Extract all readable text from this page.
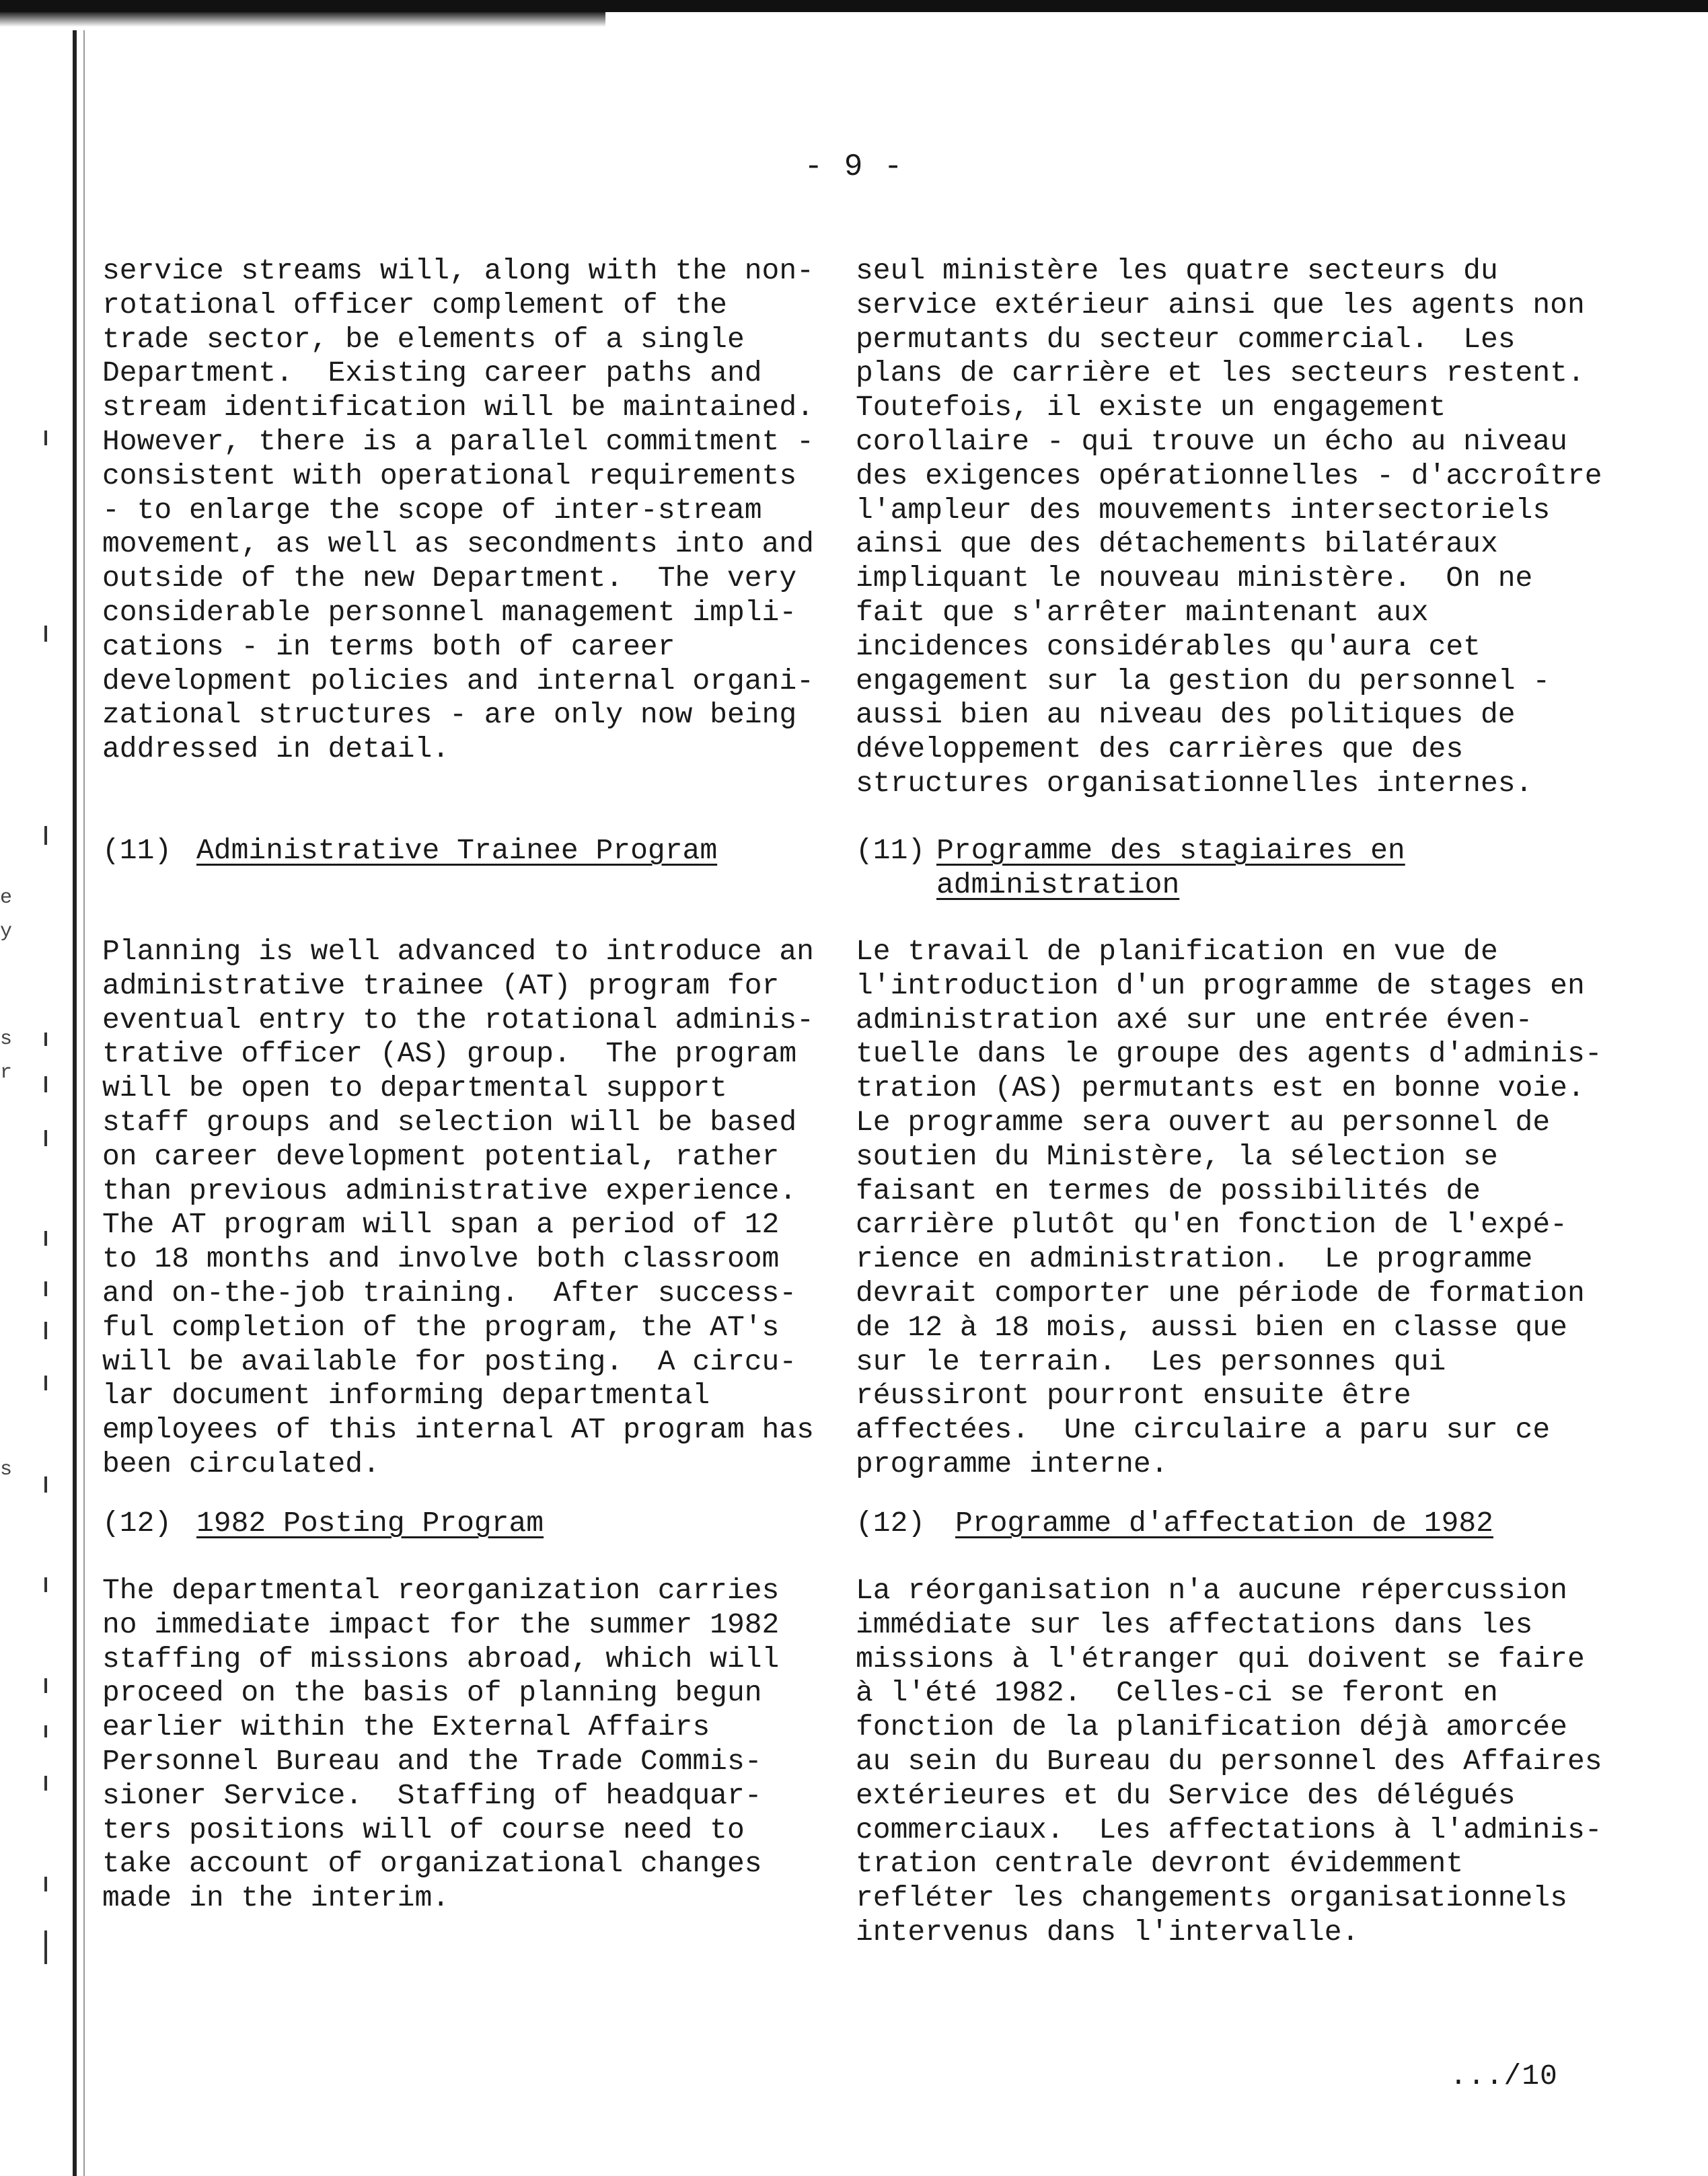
e
y
s
r
s
- 9 -

service streams will, along with the non-
rotational officer complement of the
trade sector, be elements of a single
Department.  Existing career paths and
stream identification will be maintained.
However, there is a parallel commitment -
consistent with operational requirements
- to enlarge the scope of inter-stream
movement, as well as secondments into and
outside of the new Department.  The very
considerable personnel management impli-
cations - in terms both of career
development policies and internal organi-
zational structures - are only now being
addressed in detail.

(11) Administrative Trainee Program

Planning is well advanced to introduce an
administrative trainee (AT) program for
eventual entry to the rotational adminis-
trative officer (AS) group.  The program
will be open to departmental support
staff groups and selection will be based
on career development potential, rather
than previous administrative experience.
The AT program will span a period of 12
to 18 months and involve both classroom
and on-the-job training.  After success-
ful completion of the program, the AT's
will be available for posting.  A circu-
lar document informing departmental
employees of this internal AT program has
been circulated.

(12) 1982 Posting Program

The departmental reorganization carries
no immediate impact for the summer 1982
staffing of missions abroad, which will
proceed on the basis of planning begun
earlier within the External Affairs
Personnel Bureau and the Trade Commis-
sioner Service.  Staffing of headquar-
ters positions will of course need to
take account of organizational changes
made in the interim.

seul ministère les quatre secteurs du
service extérieur ainsi que les agents non
permutants du secteur commercial.  Les
plans de carrière et les secteurs restent.
Toutefois, il existe un engagement
corollaire - qui trouve un écho au niveau
des exigences opérationnelles - d'accroître
l'ampleur des mouvements intersectoriels
ainsi que des détachements bilatéraux
impliquant le nouveau ministère.  On ne
fait que s'arrêter maintenant aux
incidences considérables qu'aura cet
engagement sur la gestion du personnel -
aussi bien au niveau des politiques de
développement des carrières que des
structures organisationnelles internes.

(11) Programme des stagiaires en
administration

Le travail de planification en vue de
l'introduction d'un programme de stages en
administration axé sur une entrée éven-
tuelle dans le groupe des agents d'adminis-
tration (AS) permutants est en bonne voie.
Le programme sera ouvert au personnel de
soutien du Ministère, la sélection se
faisant en termes de possibilités de
carrière plutôt qu'en fonction de l'expé-
rience en administration.  Le programme
devrait comporter une période de formation
de 12 à 18 mois, aussi bien en classe que
sur le terrain.  Les personnes qui
réussiront pourront ensuite être
affectées.  Une circulaire a paru sur ce
programme interne.

(12) Programme d'affectation de 1982

La réorganisation n'a aucune répercussion
immédiate sur les affectations dans les
missions à l'étranger qui doivent se faire
à l'été 1982.  Celles-ci se feront en
fonction de la planification déjà amorcée
au sein du Bureau du personnel des Affaires
extérieures et du Service des délégués
commerciaux.  Les affectations à l'adminis-
tration centrale devront évidemment
refléter les changements organisationnels
intervenus dans l'intervalle.

.../10
